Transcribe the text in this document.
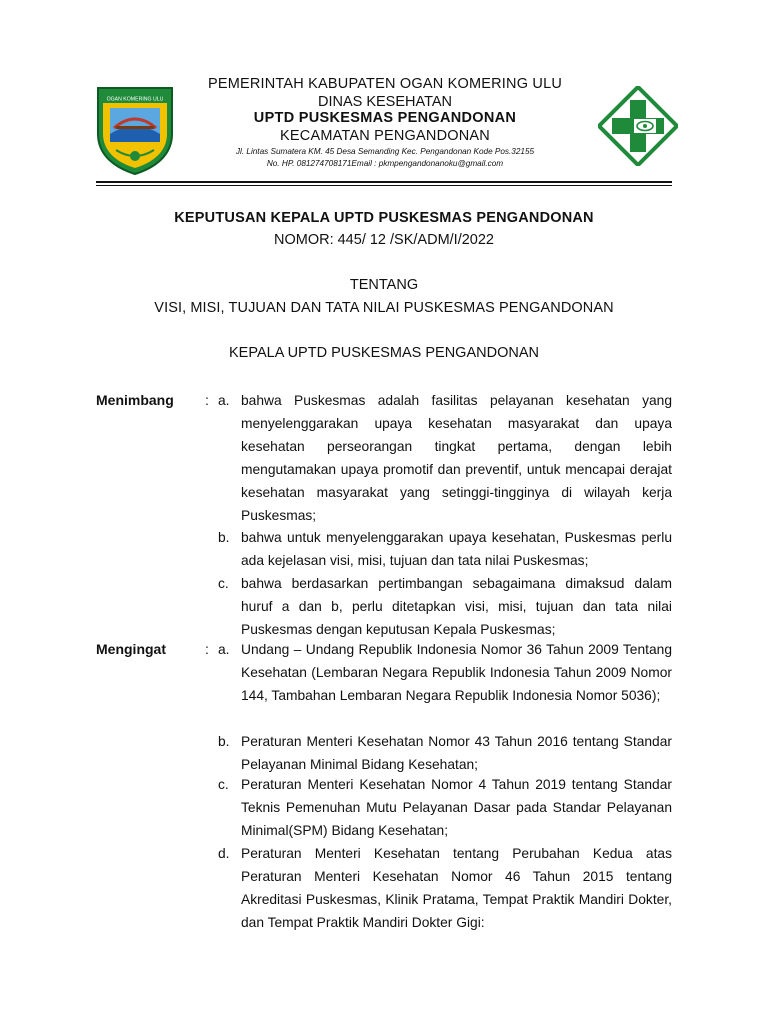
OGAN KOMERING ULU
PEMERINTAH KABUPATEN OGAN KOMERING ULU
DINAS KESEHATAN
UPTD PUSKESMAS PENGANDONAN
KECAMATAN PENGANDONAN
Jl. Lintas Sumatera KM. 45 Desa Semanding Kec. Pengandonan Kode Pos.32155
No. HP. 081274708171Email : pkmpengandonanoku@gmail.com
KEPUTUSAN KEPALA UPTD PUSKESMAS PENGANDONAN
NOMOR: 445/ 12 /SK/ADM/I/2022
TENTANG
VISI, MISI, TUJUAN DAN TATA NILAI PUSKESMAS PENGANDONAN
KEPALA UPTD PUSKESMAS PENGANDONAN
Menimbang : a. bahwa Puskesmas adalah fasilitas pelayanan kesehatan yang menyelenggarakan upaya kesehatan masyarakat dan upaya kesehatan perseorangan tingkat pertama, dengan lebih mengutamakan upaya promotif dan preventif, untuk mencapai derajat kesehatan masyarakat yang setinggi-tingginya di wilayah kerja Puskesmas;
b. bahwa untuk menyelenggarakan upaya kesehatan, Puskesmas perlu ada kejelasan visi, misi, tujuan dan tata nilai Puskesmas;
c. bahwa berdasarkan pertimbangan sebagaimana dimaksud dalam huruf a dan b, perlu ditetapkan visi, misi, tujuan dan tata nilai Puskesmas dengan keputusan Kepala Puskesmas;
Mengingat	: a. Undang – Undang Republik Indonesia Nomor 36 Tahun 2009 Tentang Kesehatan (Lembaran Negara Republik Indonesia Tahun 2009 Nomor 144, Tambahan Lembaran Negara Republik Indonesia Nomor 5036);
b. Peraturan Menteri Kesehatan Nomor 43 Tahun 2016 tentang Standar Pelayanan Minimal Bidang Kesehatan;
c. Peraturan Menteri Kesehatan Nomor 4 Tahun 2019 tentang Standar Teknis Pemenuhan Mutu Pelayanan Dasar pada Standar Pelayanan Minimal(SPM) Bidang Kesehatan;
d. Peraturan Menteri Kesehatan tentang Perubahan Kedua atas Peraturan Menteri Kesehatan Nomor 46 Tahun 2015 tentang Akreditasi Puskesmas, Klinik Pratama, Tempat Praktik Mandiri Dokter, dan Tempat Praktik Mandiri Dokter Gigi:
